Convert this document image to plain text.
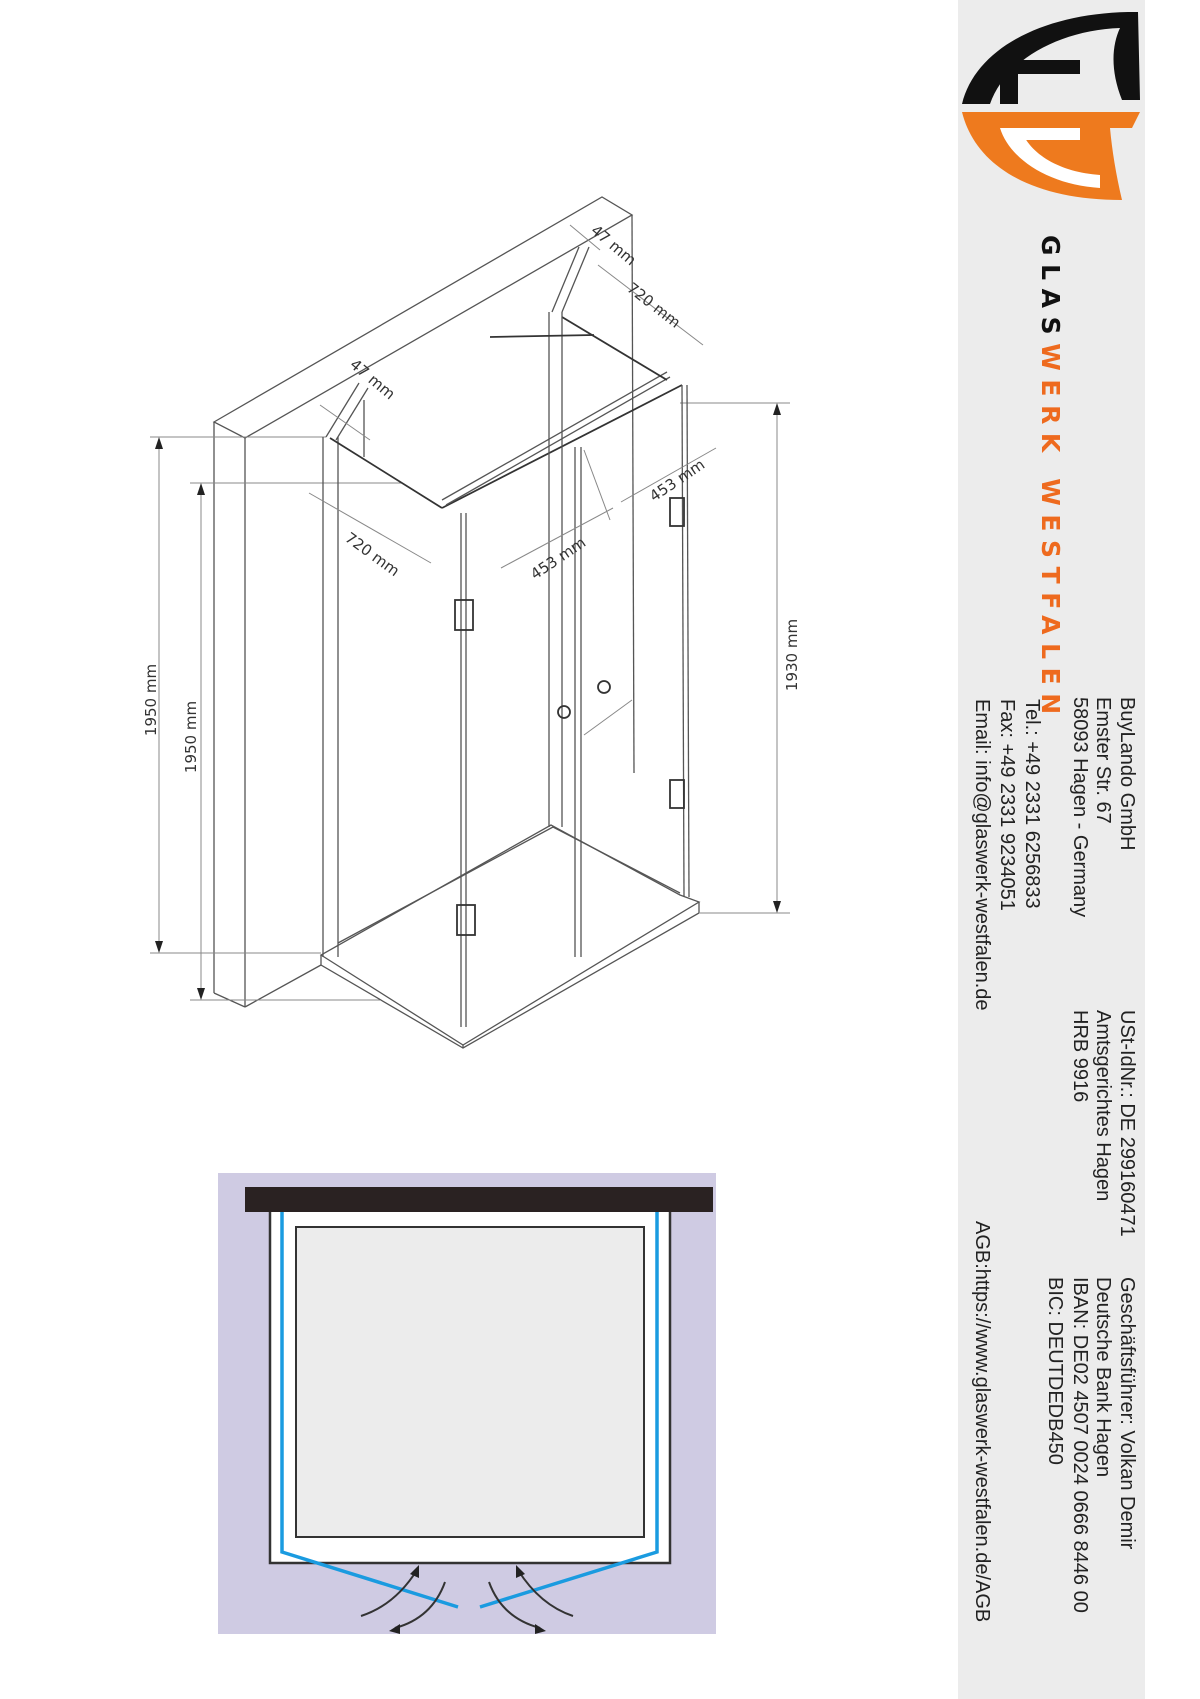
1950 mm
1950 mm
1930 mm
47 mm
720 mm
47 mm
720 mm	453 mm
453 mm
GLASWERK WESTFALEN
BuyLando GmbH
Emster Str. 67
58093 Hagen - Germany
Tel.: +49 2331 6256833
Fax: +49 2331 9234051
Email: info@glaswerk-westfalen.de
USt-IdNr.: DE 299160471
Amtsgerichtes Hagen
HRB 9916
Geschäftsführer: Volkan Demir
Deutsche Bank Hagen
IBAN: DE02 4507 0024 0666 8446 00
BIC: DEUTDEDB450
AGB:https://www.glaswerk-westfalen.de/AGB
